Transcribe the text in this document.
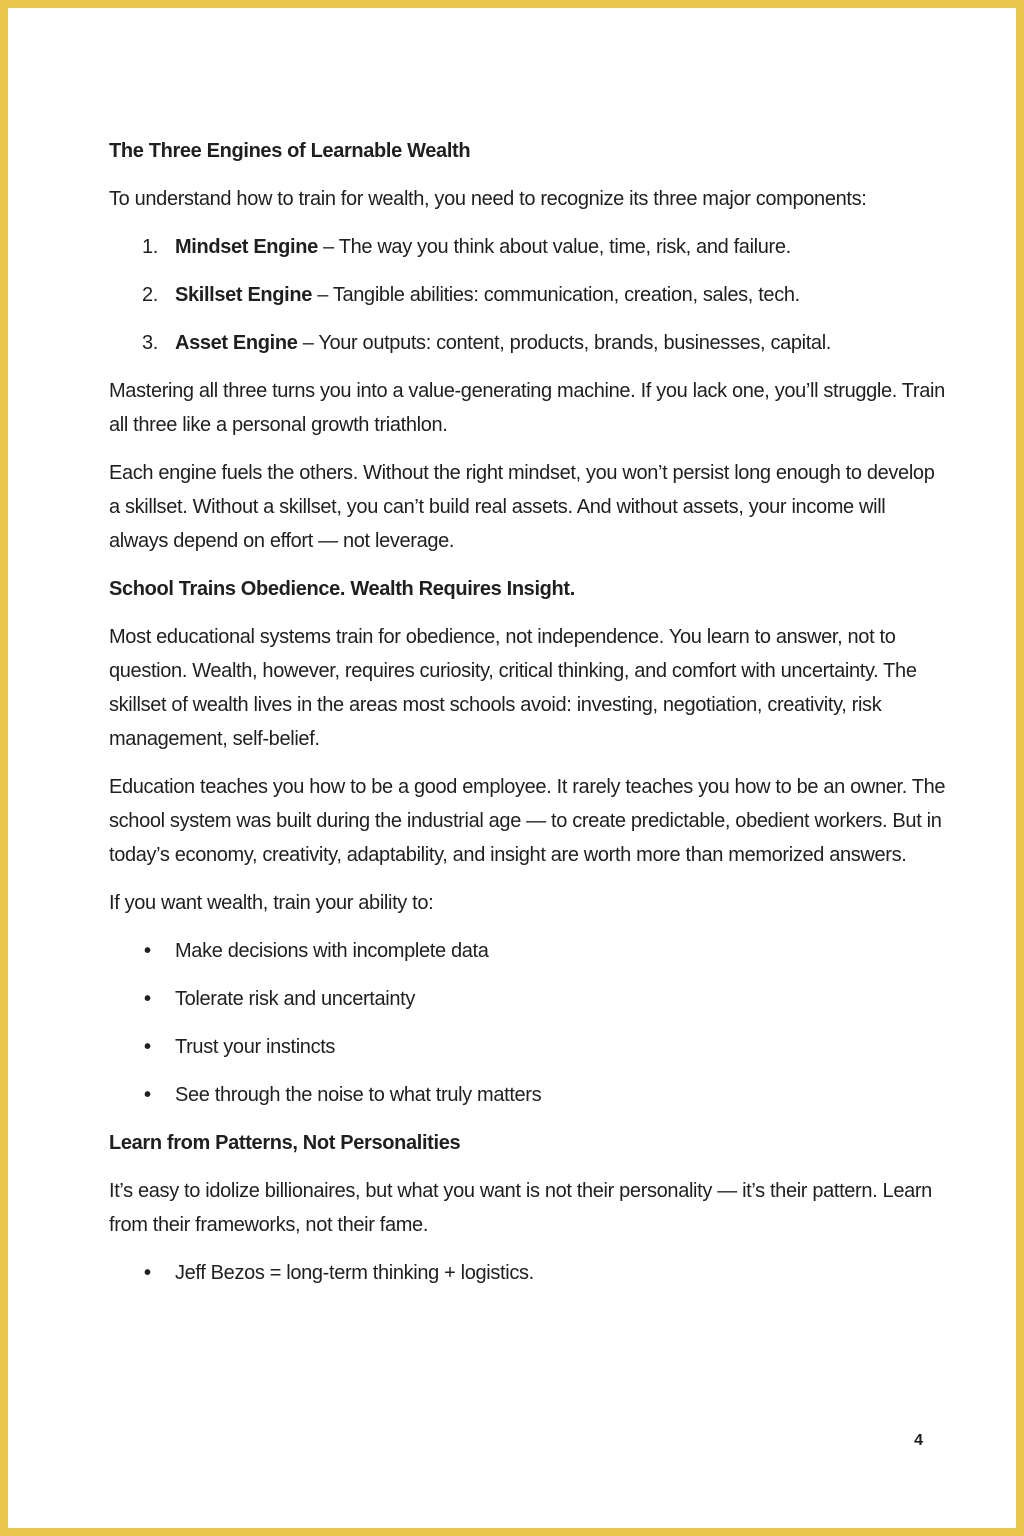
The Three Engines of Learnable Wealth
To understand how to train for wealth, you need to recognize its three major components:
1. Mindset Engine – The way you think about value, time, risk, and failure.
2. Skillset Engine – Tangible abilities: communication, creation, sales, tech.
3. Asset Engine – Your outputs: content, products, brands, businesses, capital.
Mastering all three turns you into a value-generating machine. If you lack one, you’ll struggle. Train all three like a personal growth triathlon.
Each engine fuels the others. Without the right mindset, you won’t persist long enough to develop a skillset. Without a skillset, you can’t build real assets. And without assets, your income will always depend on effort — not leverage.
School Trains Obedience. Wealth Requires Insight.
Most educational systems train for obedience, not independence. You learn to answer, not to question. Wealth, however, requires curiosity, critical thinking, and comfort with uncertainty. The skillset of wealth lives in the areas most schools avoid: investing, negotiation, creativity, risk management, self-belief.
Education teaches you how to be a good employee. It rarely teaches you how to be an owner. The school system was built during the industrial age — to create predictable, obedient workers. But in today’s economy, creativity, adaptability, and insight are worth more than memorized answers.
If you want wealth, train your ability to:
• Make decisions with incomplete data
• Tolerate risk and uncertainty
• Trust your instincts
• See through the noise to what truly matters
Learn from Patterns, Not Personalities
It’s easy to idolize billionaires, but what you want is not their personality — it’s their pattern. Learn from their frameworks, not their fame.
• Jeff Bezos = long-term thinking + logistics.
4
